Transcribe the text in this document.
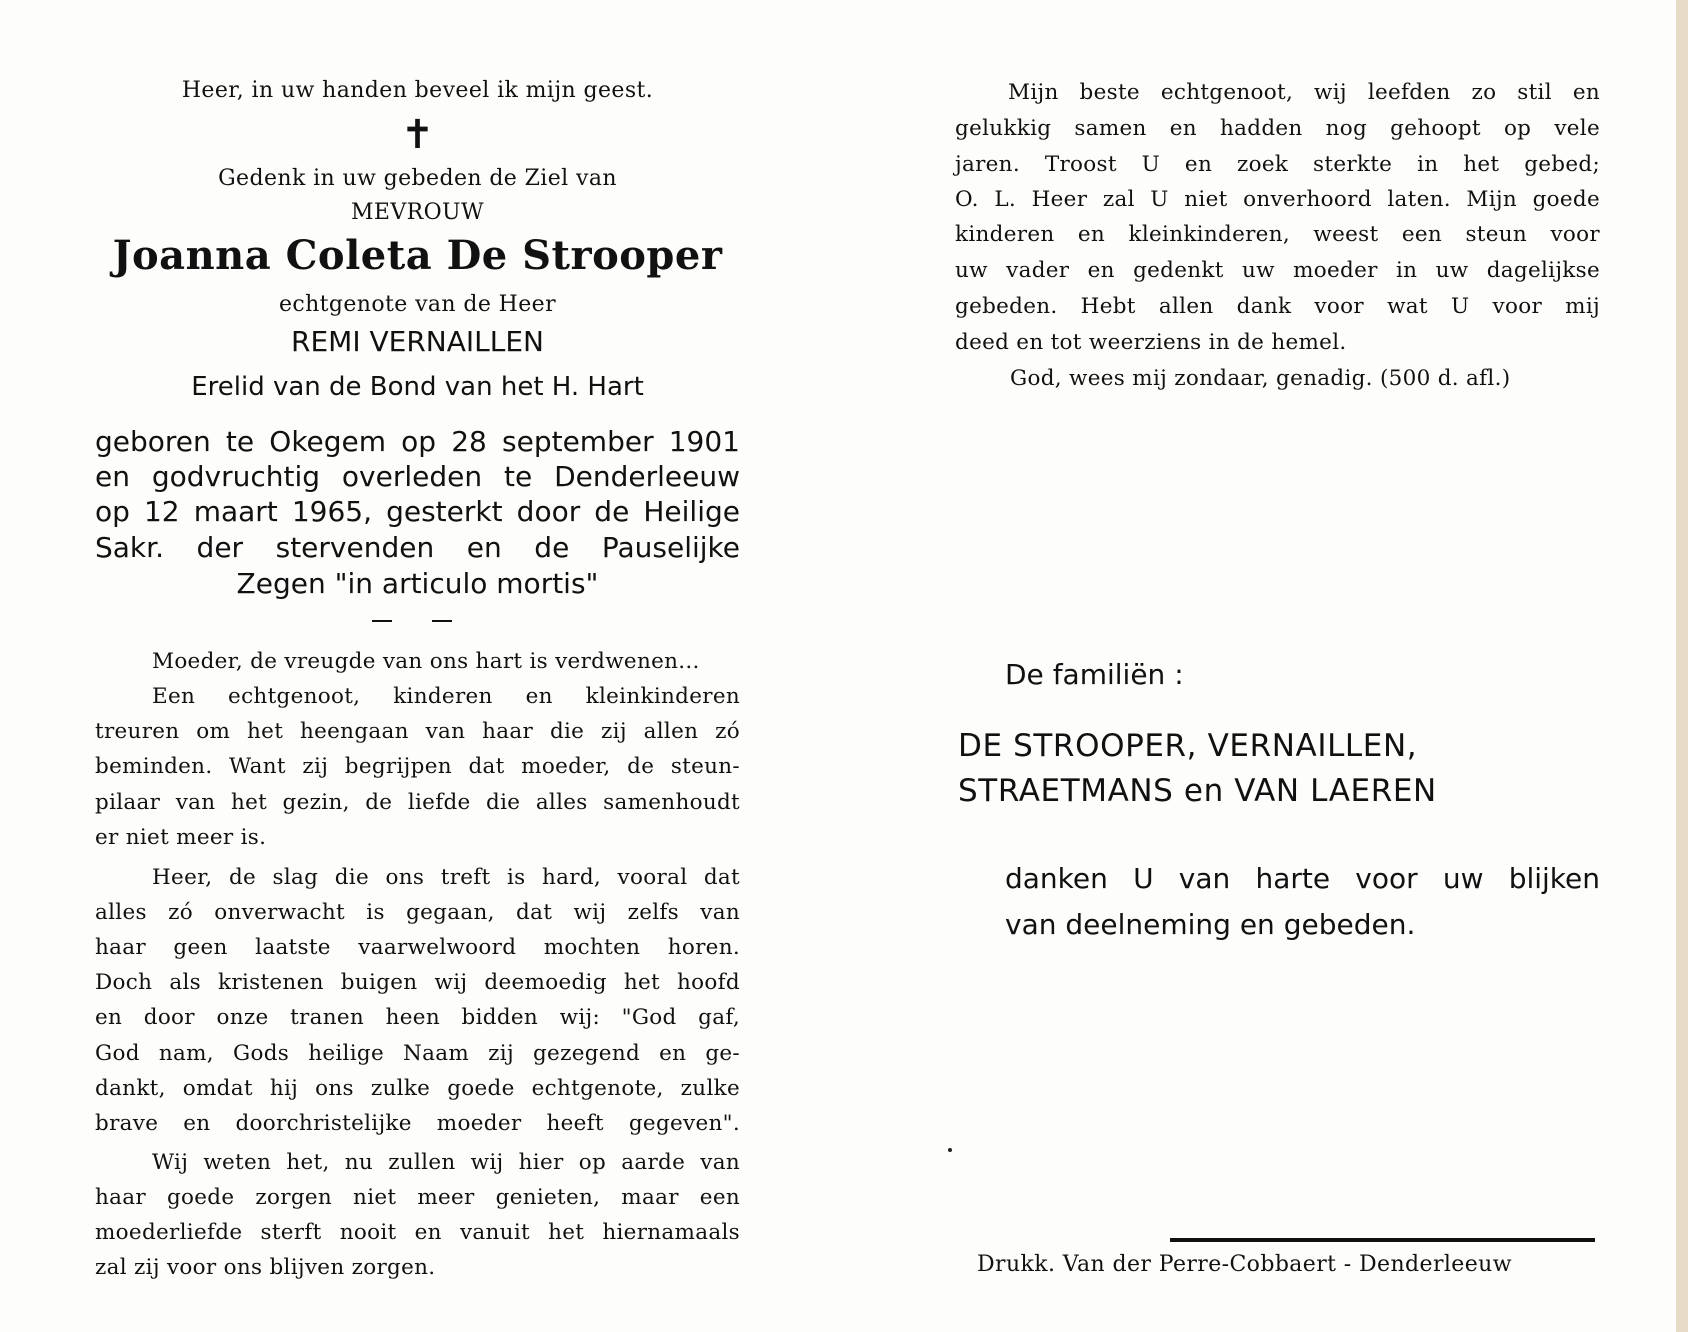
Heer, in uw handen beveel ik mijn geest.
✝
Gedenk in uw gebeden de Ziel van
MEVROUW
Joanna Coleta De Strooper
echtgenote van de Heer
REMI VERNAILLEN
Erelid van de Bond van het H. Hart
geboren te Okegem op 28 september 1901
en godvruchtig overleden te Denderleeuw
op 12 maart 1965, gesterkt door de Heilige
Sakr. der stervenden en de Pauselijke
Zegen "in articulo mortis"
Moeder, de vreugde van ons hart is verdwenen...
Een echtgenoot, kinderen en kleinkinderen
treuren om het heengaan van haar die zij allen zó
beminden. Want zij begrijpen dat moeder, de steun-
pilaar van het gezin, de liefde die alles samenhoudt
er niet meer is.
Heer, de slag die ons treft is hard, vooral dat
alles zó onverwacht is gegaan, dat wij zelfs van
haar geen laatste vaarwelwoord mochten horen.
Doch als kristenen buigen wij deemoedig het hoofd
en door onze tranen heen bidden wij: "God gaf,
God nam, Gods heilige Naam zij gezegend en ge-
dankt, omdat hij ons zulke goede echtgenote, zulke
brave en doorchristelijke moeder heeft gegeven".
Wij weten het, nu zullen wij hier op aarde van
haar goede zorgen niet meer genieten, maar een
moederliefde sterft nooit en vanuit het hiernamaals
zal zij voor ons blijven zorgen.
Mijn beste echtgenoot, wij leefden zo stil en
gelukkig samen en hadden nog gehoopt op vele
jaren. Troost U en zoek sterkte in het gebed;
O. L. Heer zal U niet onverhoord laten. Mijn goede
kinderen en kleinkinderen, weest een steun voor
uw vader en gedenkt uw moeder in uw dagelijkse
gebeden. Hebt allen dank voor wat U voor mij
deed en tot weerziens in de hemel.
God, wees mij zondaar, genadig. (500 d. afl.)
De familiën :
DE STROOPER, VERNAILLEN,
STRAETMANS en VAN LAEREN
danken U van harte voor uw blijken
van deelneming en gebeden.
Drukk. Van der Perre-Cobbaert - Denderleeuw
